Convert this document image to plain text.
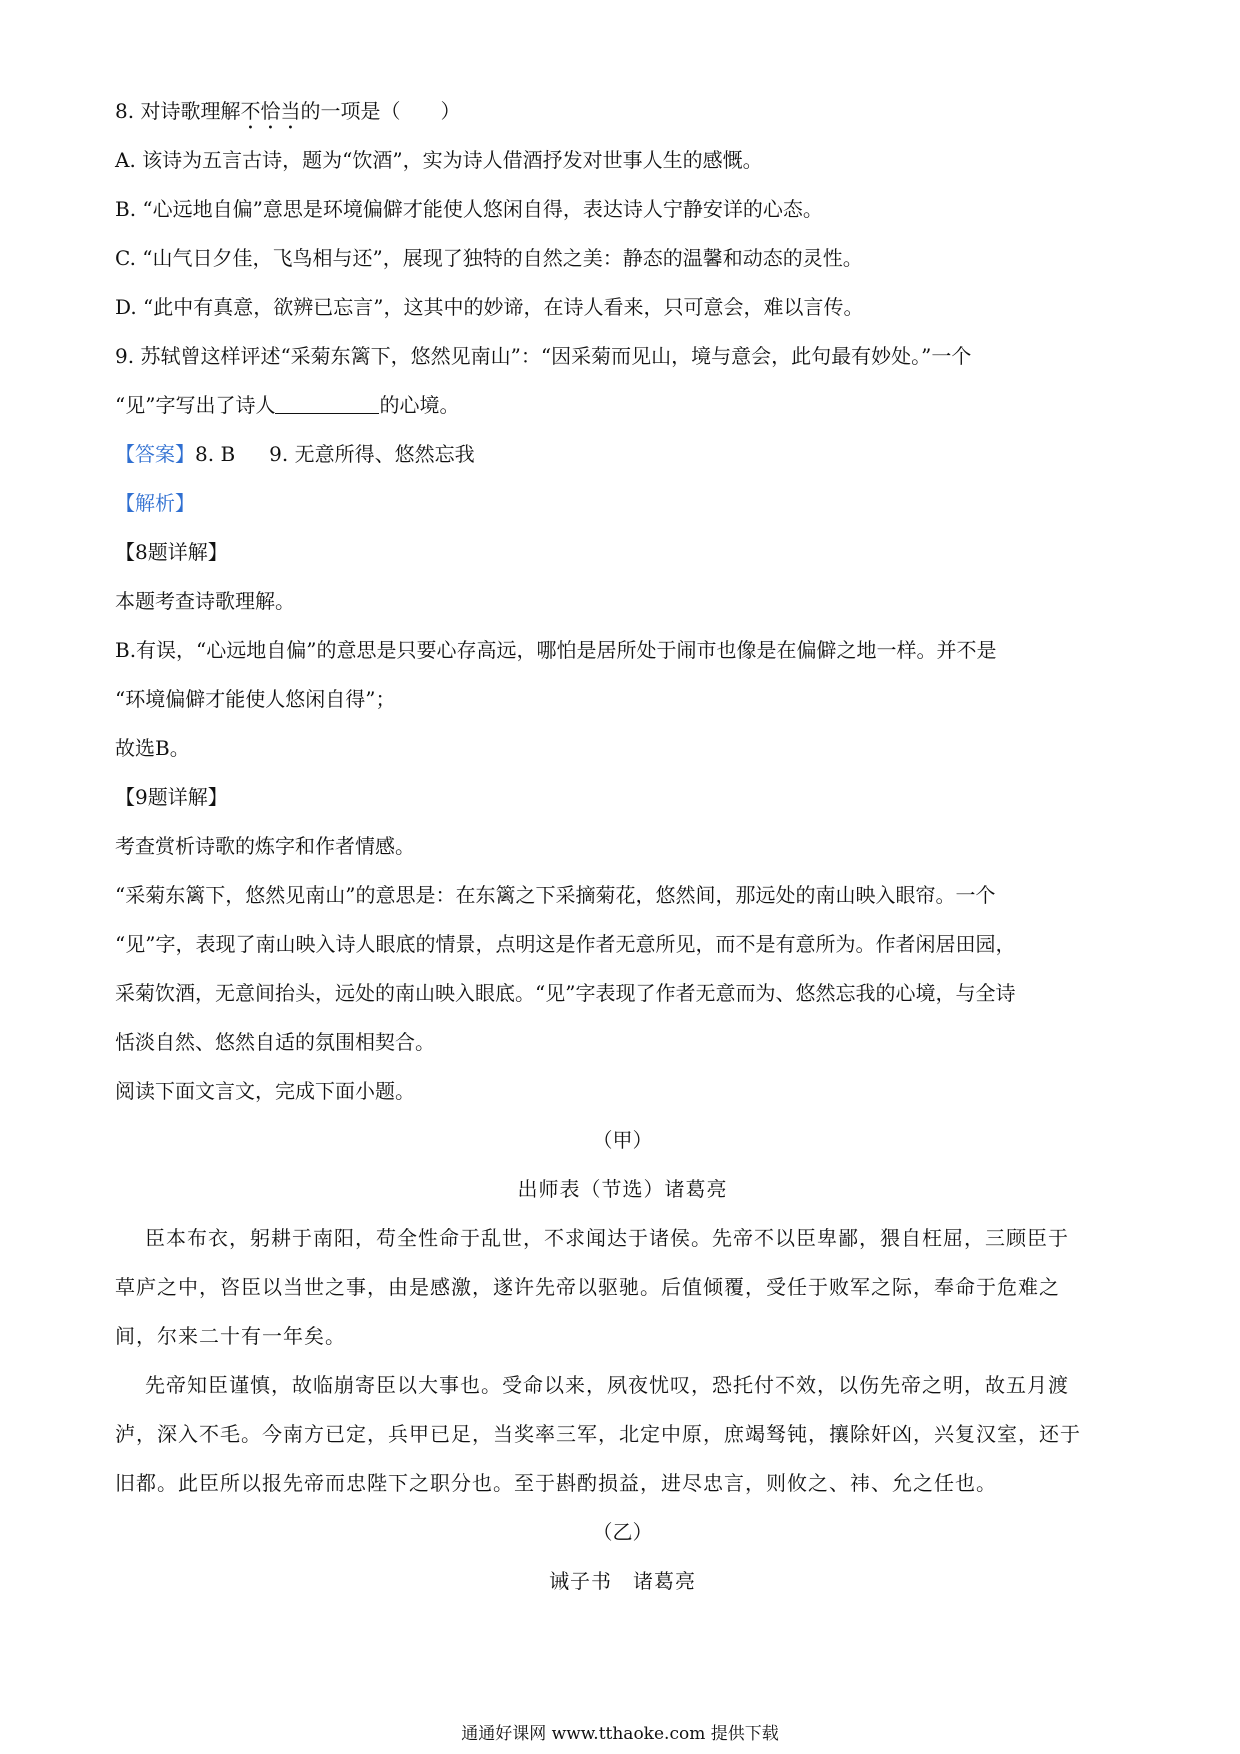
8. 对诗歌理解不恰当的一项是（　　）
A. 该诗为五言古诗，题为“饮酒”，实为诗人借酒抒发对世事人生的感慨。
B. “心远地自偏”意思是环境偏僻才能使人悠闲自得，表达诗人宁静安详的心态。
C. “山气日夕佳，飞鸟相与还”，展现了独特的自然之美：静态的温馨和动态的灵性。
D. “此中有真意，欲辨已忘言”，这其中的妙谛，在诗人看来，只可意会，难以言传。
9. 苏轼曾这样评述“采菊东篱下，悠然见南山”：“因采菊而见山，境与意会，此句最有妙处。”一个
“见”字写出了诗人	的心境。
【答案】8. B 9. 无意所得、悠然忘我
【解析】
【8题详解】
本题考查诗歌理解。
B.有误，“心远地自偏”的意思是只要心存高远，哪怕是居所处于闹市也像是在偏僻之地一样。并不是
“环境偏僻才能使人悠闲自得”；
故选B。
【9题详解】
考查赏析诗歌的炼字和作者情感。
“采菊东篱下，悠然见南山”的意思是：在东篱之下采摘菊花，悠然间，那远处的南山映入眼帘。一个
“见”字，表现了南山映入诗人眼底的情景，点明这是作者无意所见，而不是有意所为。作者闲居田园，
采菊饮酒，无意间抬头，远处的南山映入眼底。“见”字表现了作者无意而为、悠然忘我的心境，与全诗
恬淡自然、悠然自适的氛围相契合。
阅读下面文言文，完成下面小题。
（甲）
出师表（节选）诸葛亮
臣本布衣，躬耕于南阳，苟全性命于乱世，不求闻达于诸侯。先帝不以臣卑鄙，猥自枉屈，三顾臣于
草庐之中，咨臣以当世之事，由是感激，遂许先帝以驱驰。后值倾覆，受任于败军之际，奉命于危难之
间，尔来二十有一年矣。
先帝知臣谨慎，故临崩寄臣以大事也。受命以来，夙夜忧叹，恐托付不效，以伤先帝之明，故五月渡
泸，深入不毛。今南方已定，兵甲已足，当奖率三军，北定中原，庶竭驽钝，攘除奸凶，兴复汉室，还于
旧都。此臣所以报先帝而忠陛下之职分也。至于斟酌损益，进尽忠言，则攸之、祎、允之任也。
（乙）
诫子书　诸葛亮
通通好课网 www.tthaoke.com 提供下载
